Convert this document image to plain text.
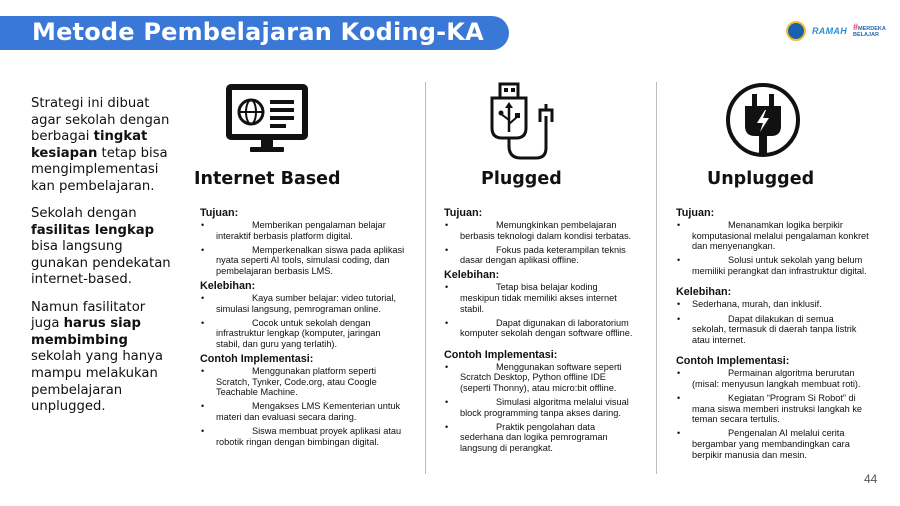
Metode Pembelajaran Koding-KA	RAMAH #MERDEKA BELAJAR

Strategi ini dibuat agar sekolah dengan berbagai tingkat kesiapan tetap bisa mengimplementasi kan pembelajaran.

Sekolah dengan fasilitas lengkap bisa langsung gunakan pendekatan internet-based.

Namun fasilitator juga harus siap membimbing sekolah yang hanya mampu melakukan pembelajaran unplugged.

Internet Based	Plugged	Unplugged
Tujuan:
• Memberikan pengalaman belajar interaktif berbasis platform digital.
• Memperkenalkan siswa pada aplikasi nyata seperti AI tools, simulasi coding, dan pembelajaran berbasis LMS.
Kelebihan:
• Kaya sumber belajar: video tutorial, simulasi langsung, pemrograman online.
• Cocok untuk sekolah dengan infrastruktur lengkap (komputer, jaringan stabil, dan guru yang terlatih).
Contoh Implementasi:
• Menggunakan platform seperti Scratch, Tynker, Code.org, atau Coogle Teachable Machine.
• Mengakses LMS Kementerian untuk materi dan evaluasi secara daring.
• Siswa membuat proyek aplikasi atau robotik ringan dengan bimbingan digital.
Tujuan:
• Memungkinkan pembelajaran berbasis teknologi dalam kondisi terbatas.
• Fokus pada keterampilan teknis dasar dengan aplikasi offline.
Kelebihan:
• Tetap bisa belajar koding meskipun tidak memiliki akses internet stabil.
• Dapat digunakan di laboratorium komputer sekolah dengan software offline.
Contoh Implementasi:
• Menggunakan software seperti Scratch Desktop, Python offline IDE (seperti Thonny), atau micro:bit offline.
• Simulasi algoritma melalui visual block programming tanpa akses daring.
• Praktik pengolahan data sederhana dan logika pemrograman langsung di perangkat.
Tujuan:
• Menanamkan logika berpikir komputasional melalui pengalaman konkret dan menyenangkan.
• Solusi untuk sekolah yang belum memiliki perangkat dan infrastruktur digital.
Kelebihan:
• Sederhana, murah, dan inklusif.
• Dapat dilakukan di semua sekolah, termasuk di daerah tanpa listrik atau internet.
Contoh Implementasi:
• Permainan algoritma berurutan (misal: menyusun langkah membuat roti).
• Kegiatan “Program Si Robot” di mana siswa memberi instruksi langkah ke teman secara tertulis.
• Pengenalan AI melalui cerita bergambar yang membandingkan cara berpikir manusia dan mesin.
44
